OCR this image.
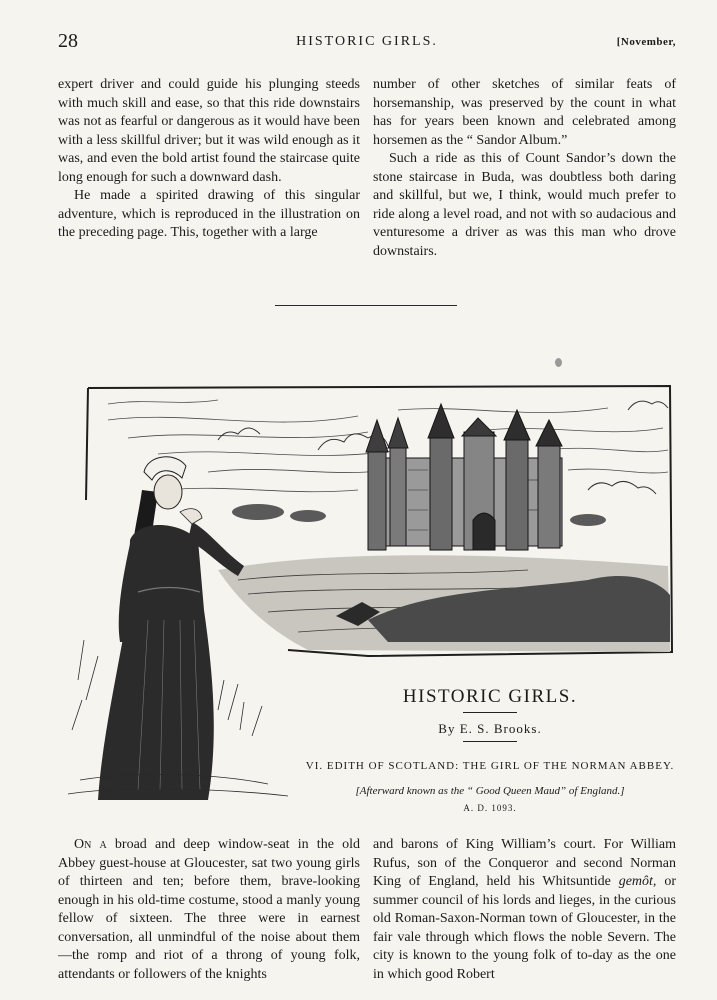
28	HISTORIC GIRLS.	[November,

expert driver and could guide his plunging steeds with much skill and ease, so that this ride downstairs was not as fearful or dangerous as it would have been with a less skillful driver; but it was wild enough as it was, and even the bold artist found the staircase quite long enough for such a downward dash.

He made a spirited drawing of this singular adventure, which is reproduced in the illustration on the preceding page. This, together with a large

number of other sketches of similar feats of horsemanship, was preserved by the count in what has for years been known and celebrated among horsemen as the “ Sandor Album.”

Such a ride as this of Count Sandor’s down the stone staircase in Buda, was doubtless both daring and skillful, but we, I think, would much prefer to ride along a level road, and not with so audacious and venturesome a driver as was this man who drove downstairs.

HISTORIC GIRLS.
By E. S. Brooks.
VI. EDITH OF SCOTLAND: THE GIRL OF THE NORMAN ABBEY.
[Afterward known as the “ Good Queen Maud” of England.]
A. D. 1093.

On a broad and deep window-seat in the old Abbey guest-house at Gloucester, sat two young girls of thirteen and ten; before them, brave-looking enough in his old-time costume, stood a manly young fellow of sixteen. The three were in earnest conversation, all unmindful of the noise about them—the romp and riot of a throng of young folk, attendants or followers of the knights

and barons of King William’s court. For William Rufus, son of the Conqueror and second Norman King of England, held his Whitsuntide gemôt, or summer council of his lords and lieges, in the curious old Roman-Saxon-Norman town of Gloucester, in the fair vale through which flows the noble Severn. The city is known to the young folk of to-day as the one in which good Robert
